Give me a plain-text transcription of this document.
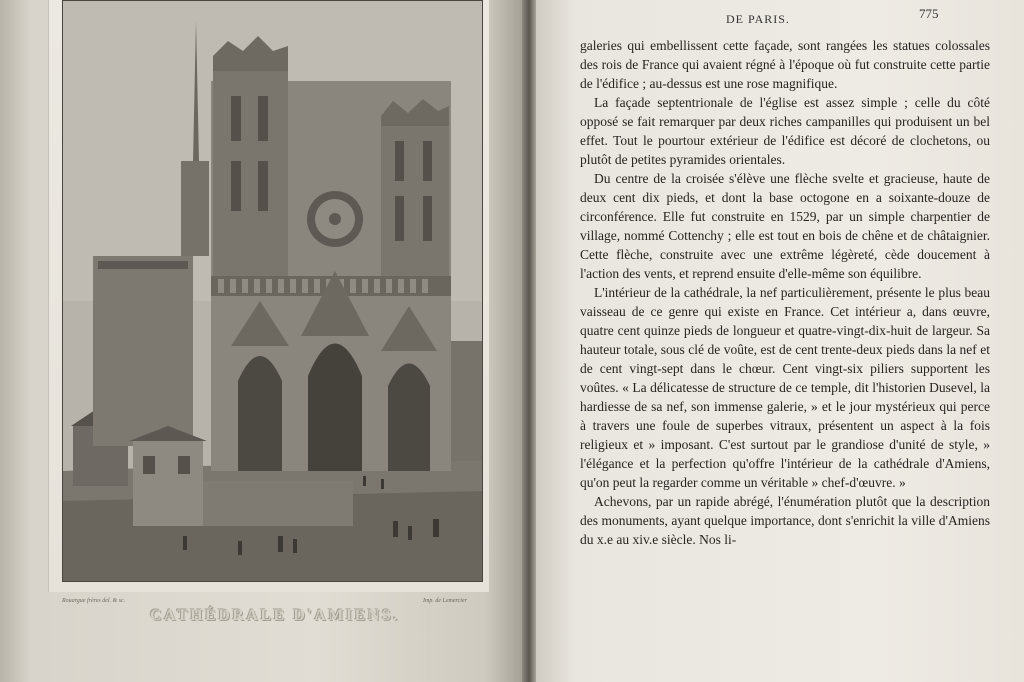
Rouargue frères del. & sc.	Imp. de Lemercier
CATHÉDRALE D'AMIENS.
DE PARIS.	775

galeries qui embellissent cette façade, sont rangées les statues colossales des rois de France qui avaient régné à l'époque où fut construite cette partie de l'édifice ; au-dessus est une rose magnifique.

La façade septentrionale de l'église est assez simple ; celle du côté opposé se fait remarquer par deux riches campanilles qui produisent un bel effet. Tout le pourtour extérieur de l'édifice est décoré de clochetons, ou plutôt de petites pyramides orientales.

Du centre de la croisée s'élève une flèche svelte et gracieuse, haute de deux cent dix pieds, et dont la base octogone en a soixante-douze de circonférence. Elle fut construite en 1529, par un simple charpentier de village, nommé Cottenchy ; elle est tout en bois de chêne et de châtaignier. Cette flèche, construite avec une extrême légèreté, cède doucement à l'action des vents, et reprend ensuite d'elle-même son équilibre.

L'intérieur de la cathédrale, la nef particulièrement, présente le plus beau vaisseau de ce genre qui existe en France. Cet intérieur a, dans œuvre, quatre cent quinze pieds de longueur et quatre-vingt-dix-huit de largeur. Sa hauteur totale, sous clé de voûte, est de cent trente-deux pieds dans la nef et de cent vingt-sept dans le chœur. Cent vingt-six piliers supportent les voûtes. « La délicatesse de structure de ce temple, dit l'historien Dusevel, la hardiesse de sa nef, son immense galerie, » et le jour mystérieux qui perce à travers une foule de superbes vitraux, présentent un aspect à la fois religieux et » imposant. C'est surtout par le grandiose d'unité de style, » l'élégance et la perfection qu'offre l'intérieur de la cathédrale d'Amiens, qu'on peut la regarder comme un véritable » chef-d'œuvre. »

Achevons, par un rapide abrégé, l'énumération plutôt que la description des monuments, ayant quelque importance, dont s'enrichit la ville d'Amiens du x.e au xiv.e siècle. Nos li-
